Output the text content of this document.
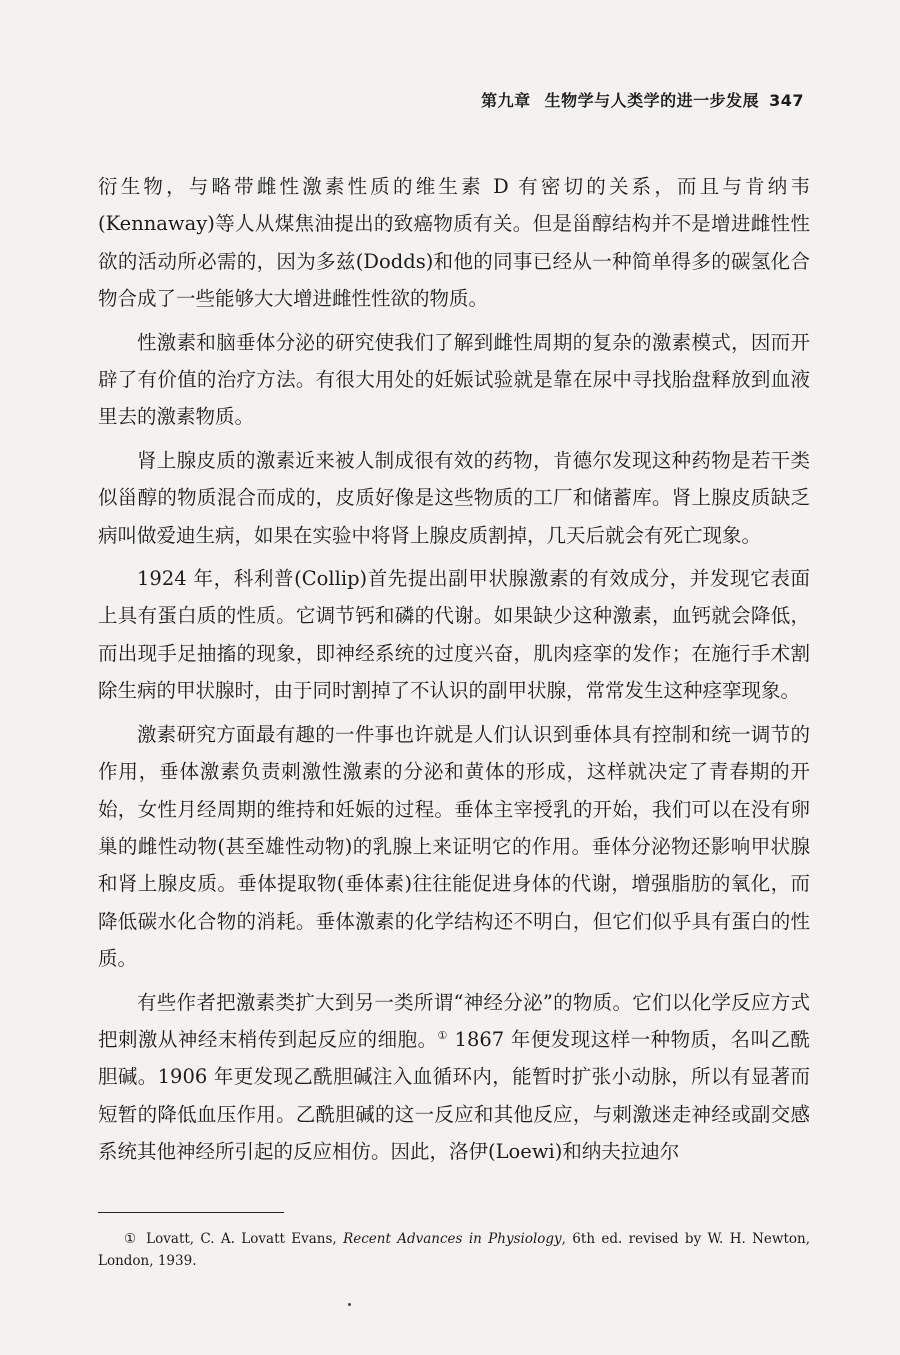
第九章 生物学与人类学的进一步发展 347

衍生物，与略带雌性激素性质的维生素 D 有密切的关系，而且与肯纳韦(Kennaway)等人从煤焦油提出的致癌物质有关。但是甾醇结构并不是增进雌性性欲的活动所必需的，因为多兹(Dodds)和他的同事已经从一种简单得多的碳氢化合物合成了一些能够大大增进雌性性欲的物质。

性激素和脑垂体分泌的研究使我们了解到雌性周期的复杂的激素模式，因而开辟了有价值的治疗方法。有很大用处的妊娠试验就是靠在尿中寻找胎盘释放到血液里去的激素物质。

肾上腺皮质的激素近来被人制成很有效的药物，肯德尔发现这种药物是若干类似甾醇的物质混合而成的，皮质好像是这些物质的工厂和储蓄库。肾上腺皮质缺乏病叫做爱迪生病，如果在实验中将肾上腺皮质割掉，几天后就会有死亡现象。

1924 年，科利普(Collip)首先提出副甲状腺激素的有效成分，并发现它表面上具有蛋白质的性质。它调节钙和磷的代谢。如果缺少这种激素，血钙就会降低，而出现手足抽搐的现象，即神经系统的过度兴奋，肌肉痉挛的发作；在施行手术割除生病的甲状腺时，由于同时割掉了不认识的副甲状腺，常常发生这种痉挛现象。

激素研究方面最有趣的一件事也许就是人们认识到垂体具有控制和统一调节的作用，垂体激素负责刺激性激素的分泌和黄体的形成，这样就决定了青春期的开始，女性月经周期的维持和妊娠的过程。垂体主宰授乳的开始，我们可以在没有卵巢的雌性动物(甚至雄性动物)的乳腺上来证明它的作用。垂体分泌物还影响甲状腺和肾上腺皮质。垂体提取物(垂体素)往往能促进身体的代谢，增强脂肪的氧化，而降低碳水化合物的消耗。垂体激素的化学结构还不明白，但它们似乎具有蛋白的性质。

有些作者把激素类扩大到另一类所谓“神经分泌”的物质。它们以化学反应方式把刺激从神经末梢传到起反应的细胞。① 1867 年便发现这样一种物质，名叫乙酰胆碱。1906 年更发现乙酰胆碱注入血循环内，能暂时扩张小动脉，所以有显著而短暂的降低血压作用。乙酰胆碱的这一反应和其他反应，与刺激迷走神经或副交感系统其他神经所引起的反应相仿。因此，洛伊(Loewi)和纳夫拉迪尔

① Lovatt, C. A. Lovatt Evans, Recent Advances in Physiology, 6th ed. revised by W. H. Newton, London, 1939.
